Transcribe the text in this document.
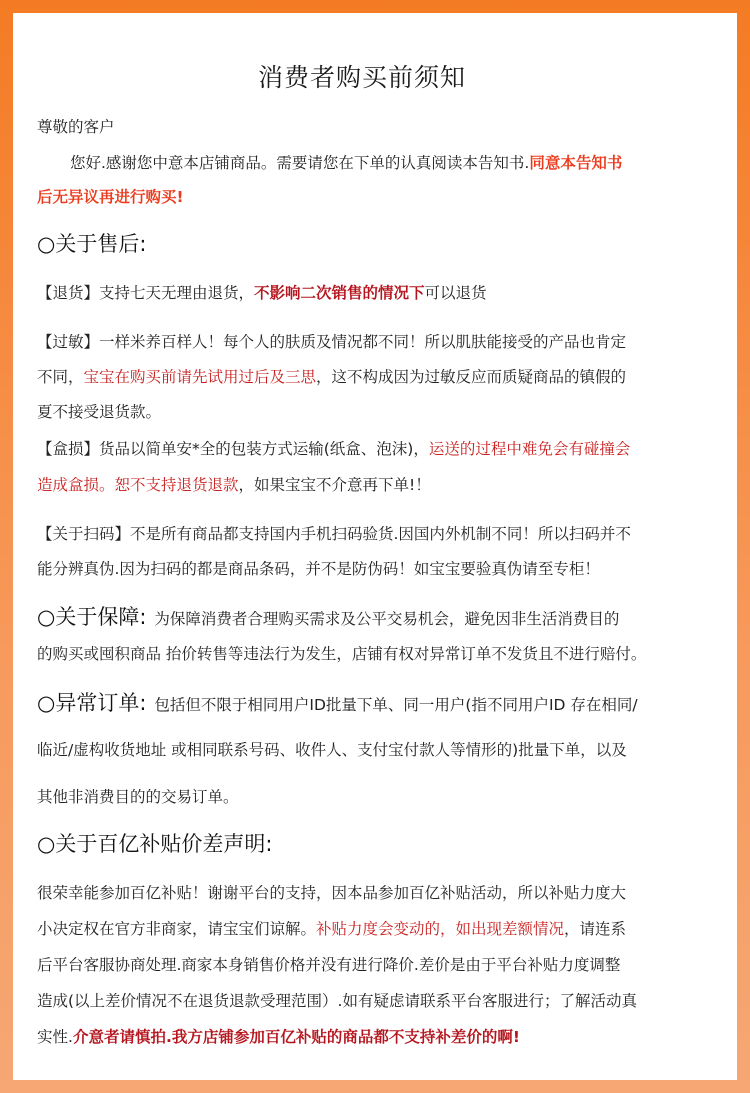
消费者购买前须知
尊敬的客户
您好.感谢您中意本店铺商品。需要请您在下单的认真阅读本告知书.同意本告知书
后无异议再进行购买!
○关于售后:
【退货】支持七天无理由退货，不影响二次销售的情况下可以退货
【过敏】一样米养百样人！每个人的肤质及情况都不同！所以肌肤能接受的产品也肯定
不同，宝宝在购买前请先试用过后及三思，这不构成因为过敏反应而质疑商品的镇假的
夏不接受退货款。
【盒损】货品以简单安*全的包装方式运输(纸盒、泡沫)，运送的过程中难免会有碰撞会
造成盒损。恕不支持退货退款，如果宝宝不介意再下单!！
【关于扫码】不是所有商品都支持国内手机扫码验货.因国内外机制不同！所以扫码并不
能分辨真伪.因为扫码的都是商品条码，并不是防伪码！如宝宝要验真伪请至专柜！
○关于保障: 为保障消费者合理购买需求及公平交易机会，避免因非生活消费目的
的购买或囤积商品 抬价转售等违法行为发生，店铺有权对异常订单不发货且不进行赔付。
○异常订单: 包括但不限于相同用户ID批量下单、同一用户(指不同用户ID 存在相同/
临近/虚构收货地址 或相同联系号码、收件人、支付宝付款人等情形的)批量下单，以及
其他非消费目的的交易订单。
○关于百亿补贴价差声明:
很荣幸能参加百亿补贴！谢谢平台的支持，因本品参加百亿补贴活动，所以补贴力度大
小决定权在官方非商家，请宝宝们谅解。补贴力度会变动的，如出现差额情况，请连系
后平台客服协商处理.商家本身销售价格并没有进行降价.差价是由于平台补贴力度调整
造成(以上差价情况不在退货退款受理范围）.如有疑虑请联系平台客服进行；了解活动真
实性.介意者请慎拍.我方店铺参加百亿补贴的商品都不支持补差价的啊!
